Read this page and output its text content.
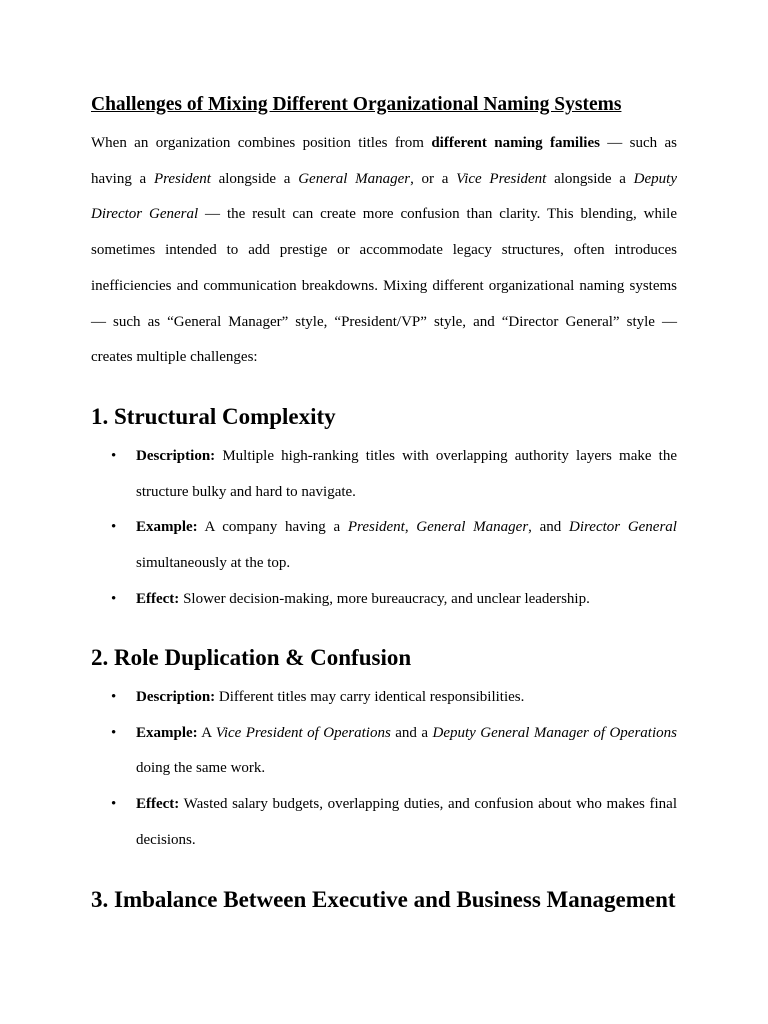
Challenges of Mixing Different Organizational Naming Systems

When an organization combines position titles from different naming families — such as having a President alongside a General Manager, or a Vice President alongside a Deputy Director General — the result can create more confusion than clarity. This blending, while sometimes intended to add prestige or accommodate legacy structures, often introduces inefficiencies and communication breakdowns. Mixing different organizational naming systems — such as “General Manager” style, “President/VP” style, and “Director General” style — creates multiple challenges:

1. Structural Complexity
• Description: Multiple high-ranking titles with overlapping authority layers make the structure bulky and hard to navigate.
• Example: A company having a President, General Manager, and Director General simultaneously at the top.
• Effect: Slower decision-making, more bureaucracy, and unclear leadership.
2. Role Duplication & Confusion
• Description: Different titles may carry identical responsibilities.
• Example: A Vice President of Operations and a Deputy General Manager of Operations doing the same work.
• Effect: Wasted salary budgets, overlapping duties, and confusion about who makes final decisions.
3. Imbalance Between Executive and Business Management
